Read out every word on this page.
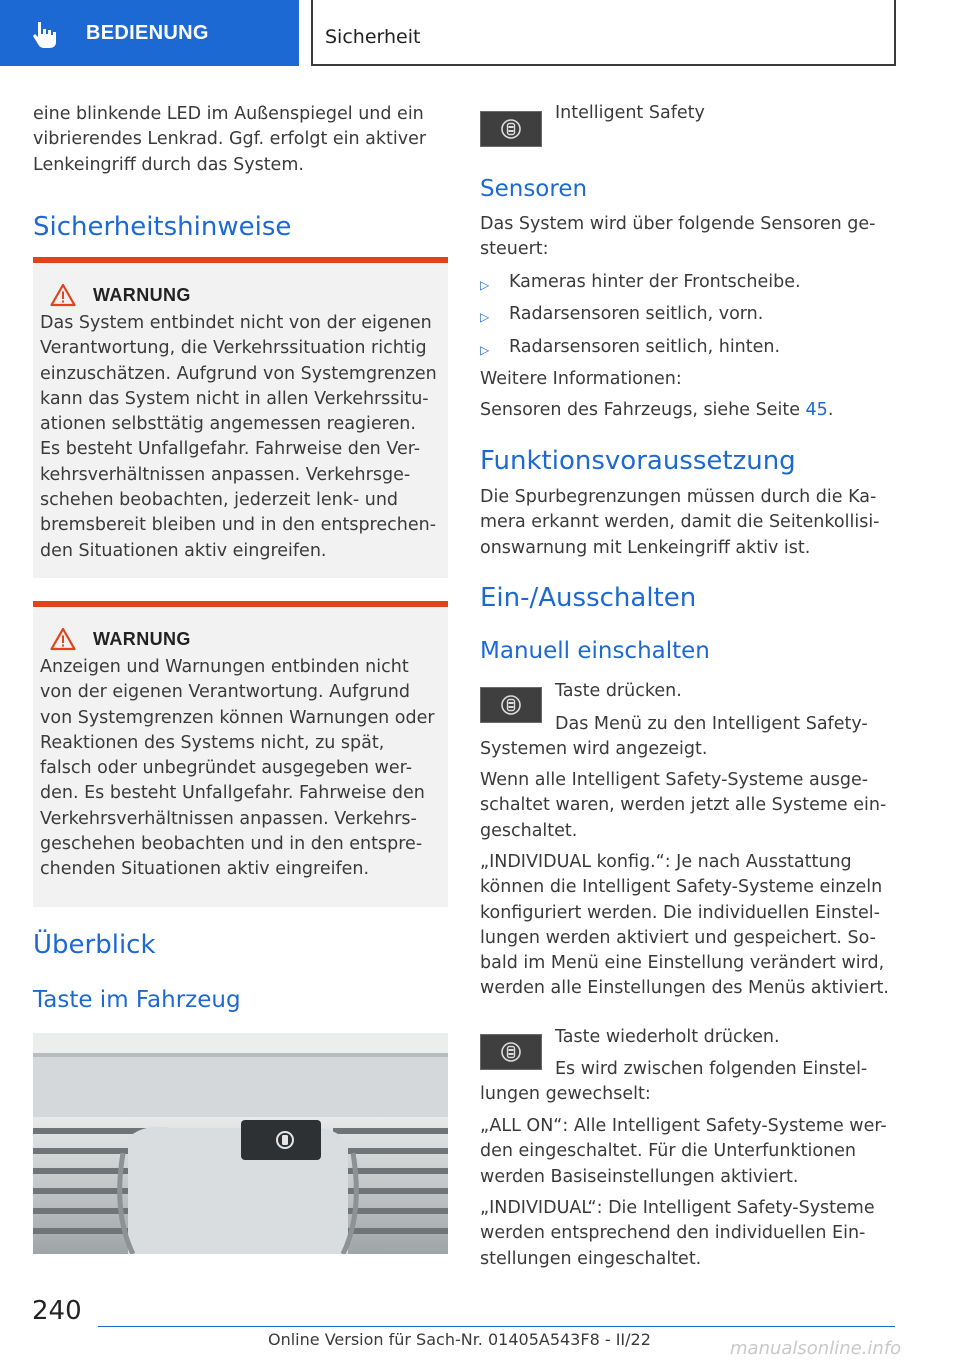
BEDIENUNG	Sicherheit
eine blinkende LED im Außenspiegel und ein
vibrierendes Lenkrad. Ggf. erfolgt ein aktiver
Lenkeingriff durch das System.
Sicherheitshinweise
WARNUNG
Das System entbindet nicht von der eigenen
Verantwortung, die Verkehrssituation richtig
einzuschätzen. Aufgrund von Systemgrenzen
kann das System nicht in allen Verkehrssitu-
ationen selbsttätig angemessen reagieren.
Es besteht Unfallgefahr. Fahrweise den Ver-
kehrsverhältnissen anpassen. Verkehrsge-
schehen beobachten, jederzeit lenk- und
bremsbereit bleiben und in den entsprechen-
den Situationen aktiv eingreifen.
WARNUNG
Anzeigen und Warnungen entbinden nicht
von der eigenen Verantwortung. Aufgrund
von Systemgrenzen können Warnungen oder
Reaktionen des Systems nicht, zu spät,
falsch oder unbegründet ausgegeben wer-
den. Es besteht Unfallgefahr. Fahrweise den
Verkehrsverhältnissen anpassen. Verkehrs-
geschehen beobachten und in den entspre-
chenden Situationen aktiv eingreifen.
Überblick
Taste im Fahrzeug
Intelligent Safety
Sensoren
Das System wird über folgende Sensoren ge-
steuert:
▷	Kameras hinter der Frontscheibe.
▷	Radarsensoren seitlich, vorn.
▷	Radarsensoren seitlich, hinten.
Weitere Informationen:
Sensoren des Fahrzeugs, siehe Seite 45.
Funktionsvoraussetzung
Die Spurbegrenzungen müssen durch die Ka-
mera erkannt werden, damit die Seitenkollisi-
onswarnung mit Lenkeingriff aktiv ist.
Ein-/Ausschalten
Manuell einschalten
Taste drücken.
Das Menü zu den Intelligent Safety-
Systemen wird angezeigt.
Wenn alle Intelligent Safety-Systeme ausge-
schaltet waren, werden jetzt alle Systeme ein-
geschaltet.
„INDIVIDUAL konfig.“: Je nach Ausstattung
können die Intelligent Safety-Systeme einzeln
konfiguriert werden. Die individuellen Einstel-
lungen werden aktiviert und gespeichert. So-
bald im Menü eine Einstellung verändert wird,
werden alle Einstellungen des Menüs aktiviert.
Taste wiederholt drücken.
Es wird zwischen folgenden Einstel-
lungen gewechselt:
„ALL ON“: Alle Intelligent Safety-Systeme wer-
den eingeschaltet. Für die Unterfunktionen
werden Basiseinstellungen aktiviert.
„INDIVIDUAL“: Die Intelligent Safety-Systeme
werden entsprechend den individuellen Ein-
stellungen eingeschaltet.
240
Online Version für Sach-Nr. 01405A543F8 - II/22	manualsonline.info
